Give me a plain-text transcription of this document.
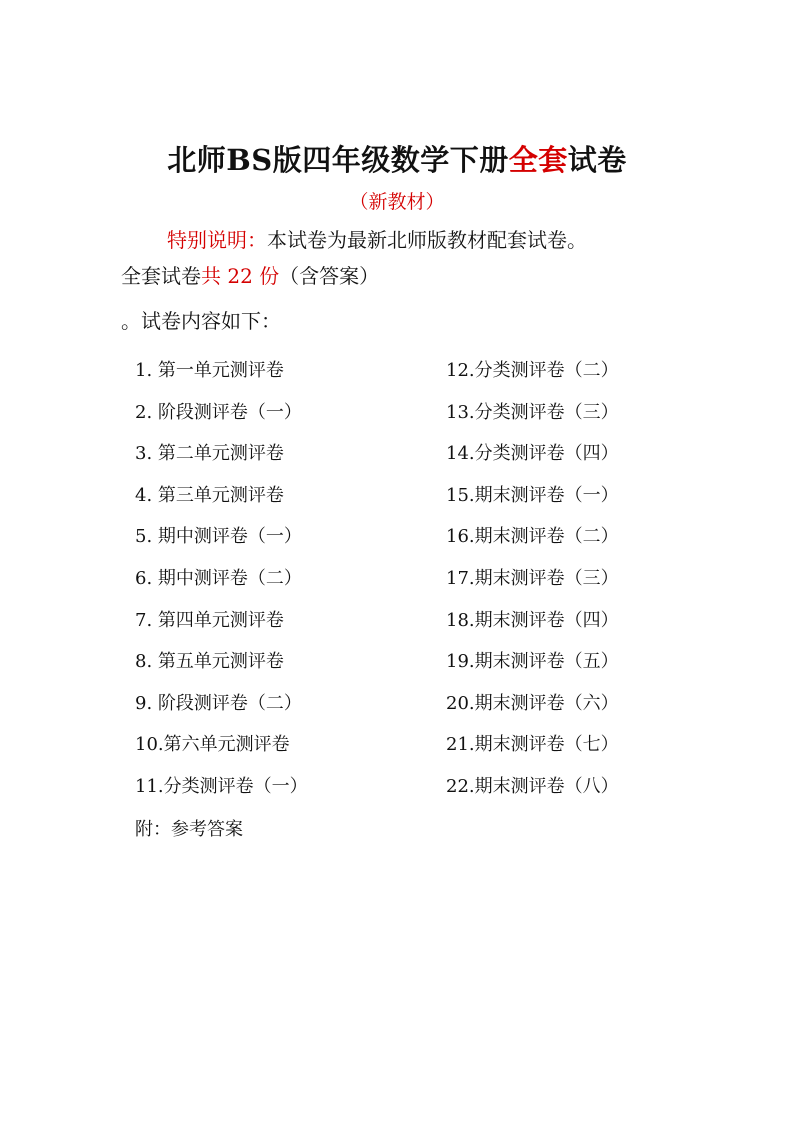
北师BS版四年级数学下册全套试卷
（新教材）
特别说明：本试卷为最新北师版教材配套试卷。
全套试卷共 22 份（含答案）
。试卷内容如下：
1. 第一单元测评卷
2. 阶段测评卷（一）
3. 第二单元测评卷
4. 第三单元测评卷
5. 期中测评卷（一）
6. 期中测评卷（二）
7. 第四单元测评卷
8. 第五单元测评卷
9. 阶段测评卷（二）
10.第六单元测评卷
11.分类测评卷（一）
12.分类测评卷（二）
13.分类测评卷（三）
14.分类测评卷（四）
15.期末测评卷（一）
16.期末测评卷（二）
17.期末测评卷（三）
18.期末测评卷（四）
19.期末测评卷（五）
20.期末测评卷（六）
21.期末测评卷（七）
22.期末测评卷（八）
附：参考答案
